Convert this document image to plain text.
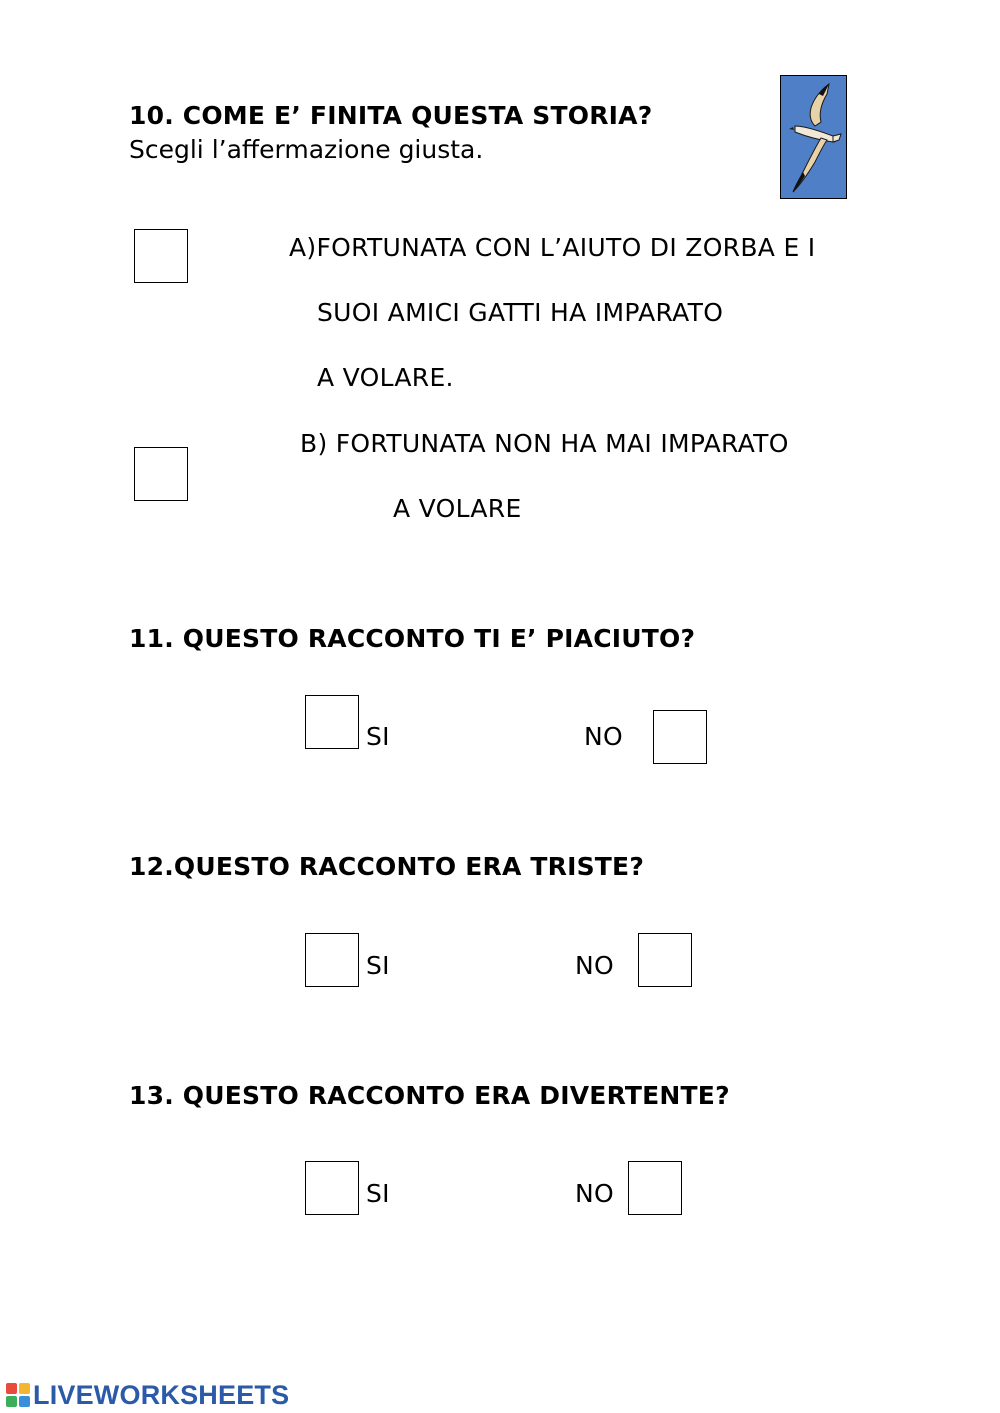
10. COME E’ FINITA QUESTA STORIA?
Scegli l’affermazione giusta.
A)FORTUNATA CON L’AIUTO DI ZORBA E I
SUOI AMICI GATTI HA IMPARATO
A VOLARE.
B) FORTUNATA NON HA MAI IMPARATO
A VOLARE
11. QUESTO RACCONTO TI E’ PIACIUTO?
SI	NO
12.QUESTO RACCONTO ERA TRISTE?
SI	NO
13. QUESTO RACCONTO ERA DIVERTENTE?
SI	NO
LIVEWORKSHEETS
